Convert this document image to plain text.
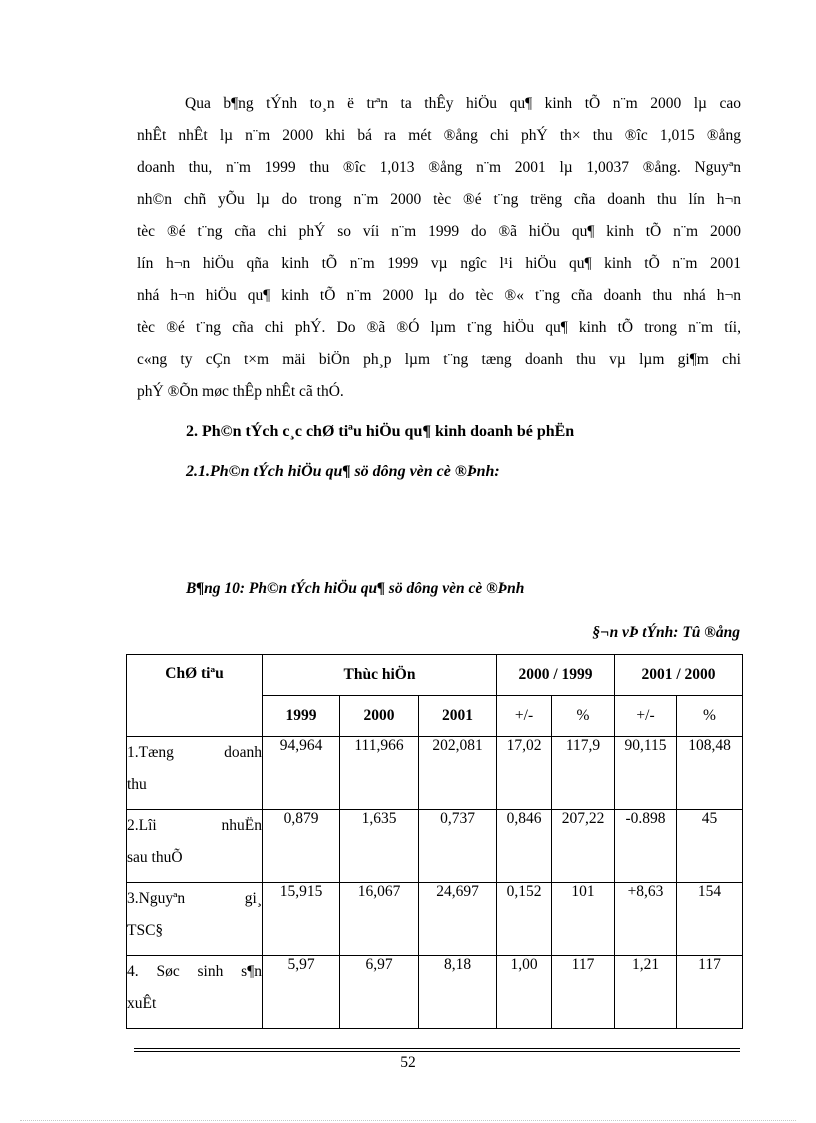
Qua b¶ng tÝnh to¸n ë trªn ta thÊy hiÖu qu¶ kinh tÕ n¨m 2000 lµ cao
nhÊt nhÊt lµ n¨m 2000 khi bá ra mét ®ång chi phÝ th× thu ®îc 1,015 ®ång
doanh thu, n¨m 1999 thu ®îc 1,013 ®ång n¨m 2001 lµ 1,0037 ®ång. Nguyªn
nh©n chñ yÕu lµ do trong n¨m 2000 tèc ®é t¨ng trëng cña doanh thu lín h¬n
tèc ®é t¨ng cña chi phÝ so víi n¨m 1999 do ®ã hiÖu qu¶ kinh tÕ n¨m 2000
lín h¬n hiÖu qña kinh tÕ n¨m 1999 vµ ngîc l¹i hiÖu qu¶ kinh tÕ n¨m 2001
nhá h¬n hiÖu qu¶ kinh tÕ n¨m 2000 lµ do tèc ®« t¨ng cña doanh thu nhá h¬n
tèc ®é t¨ng cña chi phÝ. Do ®ã ®Ó lµm t¨ng hiÖu qu¶ kinh tÕ trong n¨m tíi,
c«ng ty cÇn t×m mäi biÖn ph¸p lµm t¨ng tæng doanh thu vµ lµm gi¶m chi
phÝ ®Õn møc thÊp nhÊt cã thÓ.
2. Ph©n tÝch c¸c chØ tiªu hiÖu qu¶ kinh doanh bé phËn
2.1.Ph©n tÝch hiÖu qu¶ sö dông vèn cè ®Þnh:
B¶ng 10: Ph©n tÝch hiÖu qu¶ sö dông vèn cè ®Þnh
§¬n vÞ tÝnh: Tû ®ång
ChØ tiªu	Thùc hiÖn			2000 / 1999		2001 / 2000	
	1999	2000	2001	+/-	%	+/-	%

1.Tæng doanh
thu	94,964	111,966	202,081	17,02	117,9	90,115	108,48

2.Lîi nhuËn
sau thuÕ	0,879	1,635	0,737	0,846	207,22	-0.898	45

3.Nguyªn gi¸
TSC§	15,915	16,067	24,697	0,152	101	+8,63	154

4. Søc sinh s¶n
xuÊt	5,97	6,97	8,18	1,00	117	1,21	117
52
